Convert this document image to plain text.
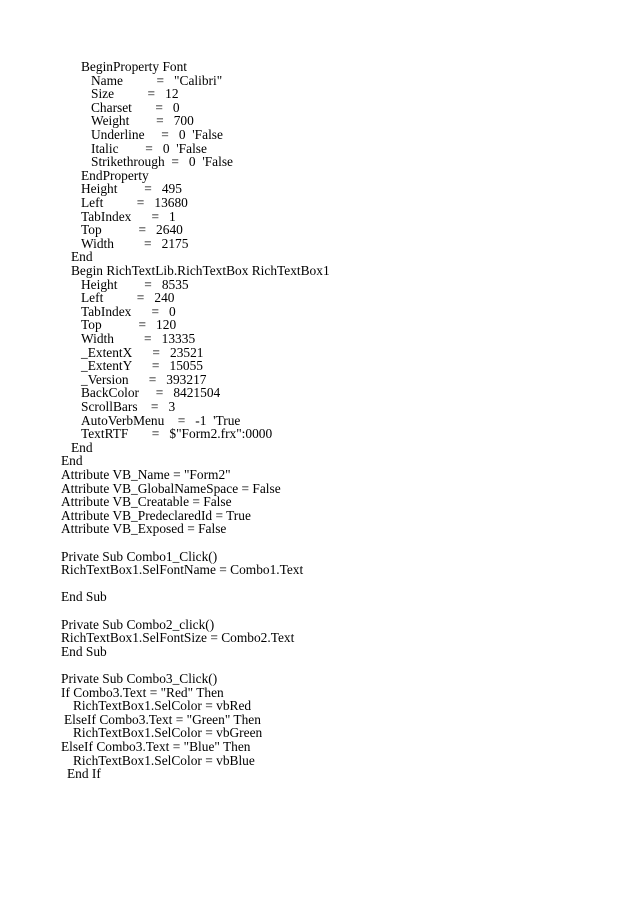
BeginProperty Font
Name          =   "Calibri"
Size          =   12
Charset       =   0
Weight        =   700
Underline     =   0  'False
Italic        =   0  'False
Strikethrough  =   0  'False
EndProperty
Height        =   495
Left          =   13680
TabIndex      =   1
Top           =   2640
Width         =   2175
End
Begin RichTextLib.RichTextBox RichTextBox1
Height        =   8535
Left          =   240
TabIndex      =   0
Top           =   120
Width         =   13335
_ExtentX      =   23521
_ExtentY      =   15055
_Version      =   393217
BackColor     =   8421504
ScrollBars    =   3
AutoVerbMenu    =   -1  'True
TextRTF       =   $"Form2.frx":0000
End
End
Attribute VB_Name = "Form2"
Attribute VB_GlobalNameSpace = False
Attribute VB_Creatable = False
Attribute VB_PredeclaredId = True
Attribute VB_Exposed = False
Private Sub Combo1_Click()
RichTextBox1.SelFontName = Combo1.Text
End Sub
Private Sub Combo2_click()
RichTextBox1.SelFontSize = Combo2.Text
End Sub
Private Sub Combo3_Click()
If Combo3.Text = "Red" Then
RichTextBox1.SelColor = vbRed
ElseIf Combo3.Text = "Green" Then
RichTextBox1.SelColor = vbGreen
ElseIf Combo3.Text = "Blue" Then
RichTextBox1.SelColor = vbBlue
End If
